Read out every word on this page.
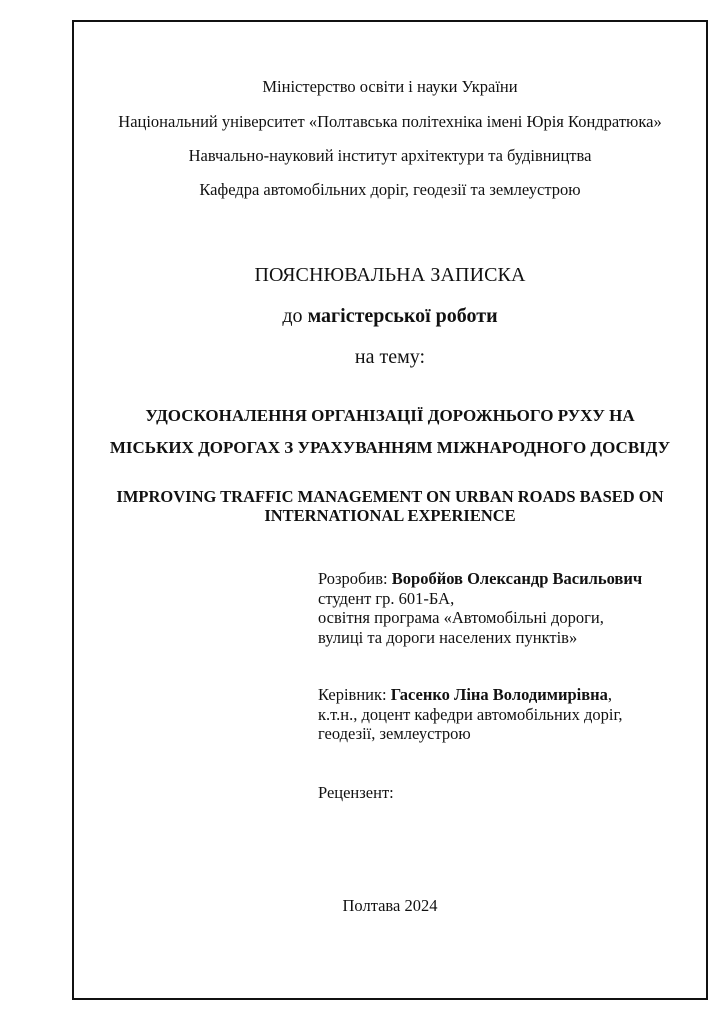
Міністерство освіти і науки України
Національний університет «Полтавська політехніка імені Юрія Кондратюка»
Навчально-науковий інститут архітектури та будівництва
Кафедра автомобільних доріг, геодезії та землеустрою
ПОЯСНЮВАЛЬНА ЗАПИСКА
до магістерської роботи
на тему:
УДОСКОНАЛЕННЯ ОРГАНІЗАЦІЇ ДОРОЖНЬОГО РУХУ НА
МІСЬКИХ ДОРОГАХ З УРАХУВАННЯМ МІЖНАРОДНОГО ДОСВІДУ
IMPROVING TRAFFIC MANAGEMENT ON URBAN ROADS BASED ON
INTERNATIONAL EXPERIENCE
Розробив: Воробйов Олександр Васильович
студент гр. 601-БА,
освітня програма «Автомобільні дороги,
вулиці та дороги населених пунктів»
Керівник: Гасенко Ліна Володимирівна,
к.т.н., доцент кафедри автомобільних доріг,
геодезії, землеустрою
Рецензент:
Полтава 2024
